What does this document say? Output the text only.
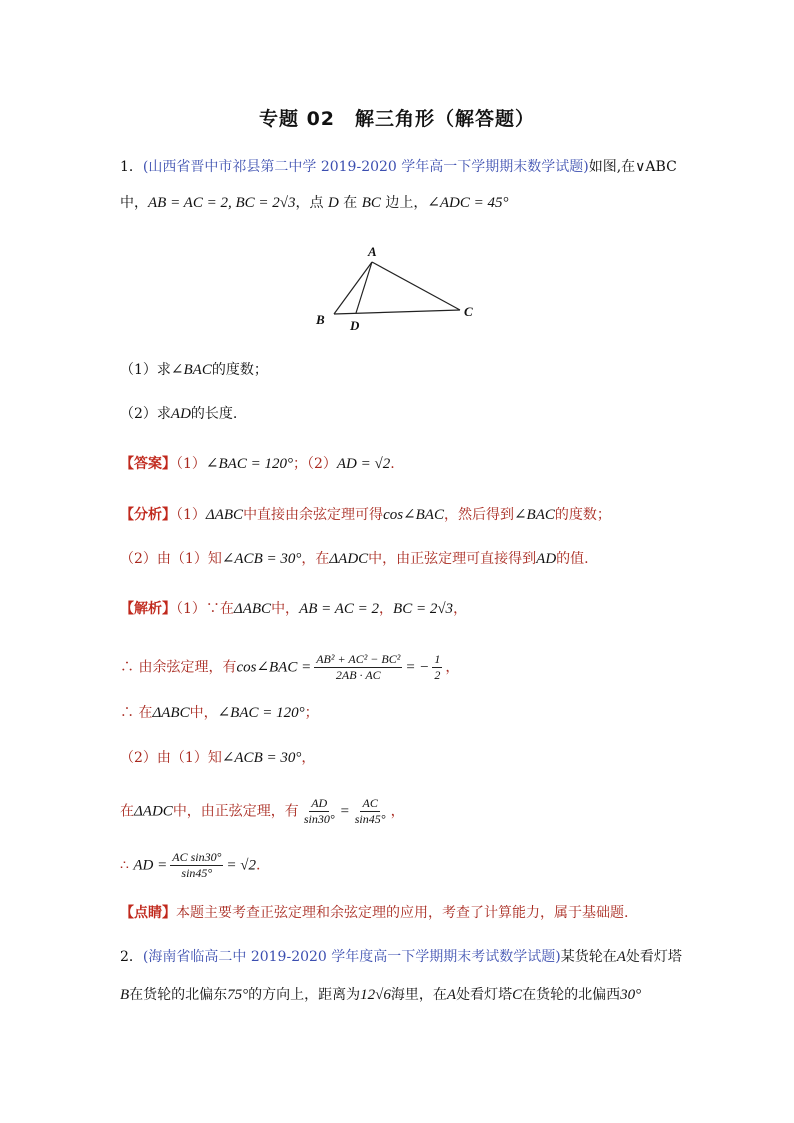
专题 02　解三角形（解答题）
1．(山西省晋中市祁县第二中学 2019-2020 学年高一下学期期末数学试题)如图,在∨ABC
中，AB = AC = 2, BC = 2√3，点 D 在 BC 边上，∠ADC = 45°
A
B D
C
（1）求∠BAC的度数；
（2）求AD的长度.
【答案】（1）∠BAC = 120°；（2）AD = √2.
【分析】（1）ΔABC中直接由余弦定理可得cos∠BAC，然后得到∠BAC的度数；
（2）由（1）知∠ACB = 30°，在ΔADC中，由正弦定理可直接得到AD的值.
【解析】（1）∵在ΔABC中，AB = AC = 2，BC = 2√3，
∴ 由余弦定理，有cos∠BAC = $\frac{\text{AB² + AC² − BC²}}{2AB \cdot AC}$ = − $\frac{1}{2}$ ，
∴ 在ΔABC中，∠BAC = 120°；
（2）由（1）知∠ACB = 30°，
在ΔADC中，由正弦定理，有 $\frac{AD}{\sin 30^\circ} = \frac{AC}{\sin 45^\circ}$ ，
∴ AD = $\frac{\text{AC sin30°}}{\sin 45^\circ} = √2$.
【点睛】本题主要考查正弦定理和余弦定理的应用，考查了计算能力，属于基础题.
2．(海南省临高二中 2019-2020 学年度高一下学期期末考试数学试题)某货轮在A处看灯塔
B在货轮的北偏东75°的方向上，距离为12√6海里，在A处看灯塔C在货轮的北偏西30°
